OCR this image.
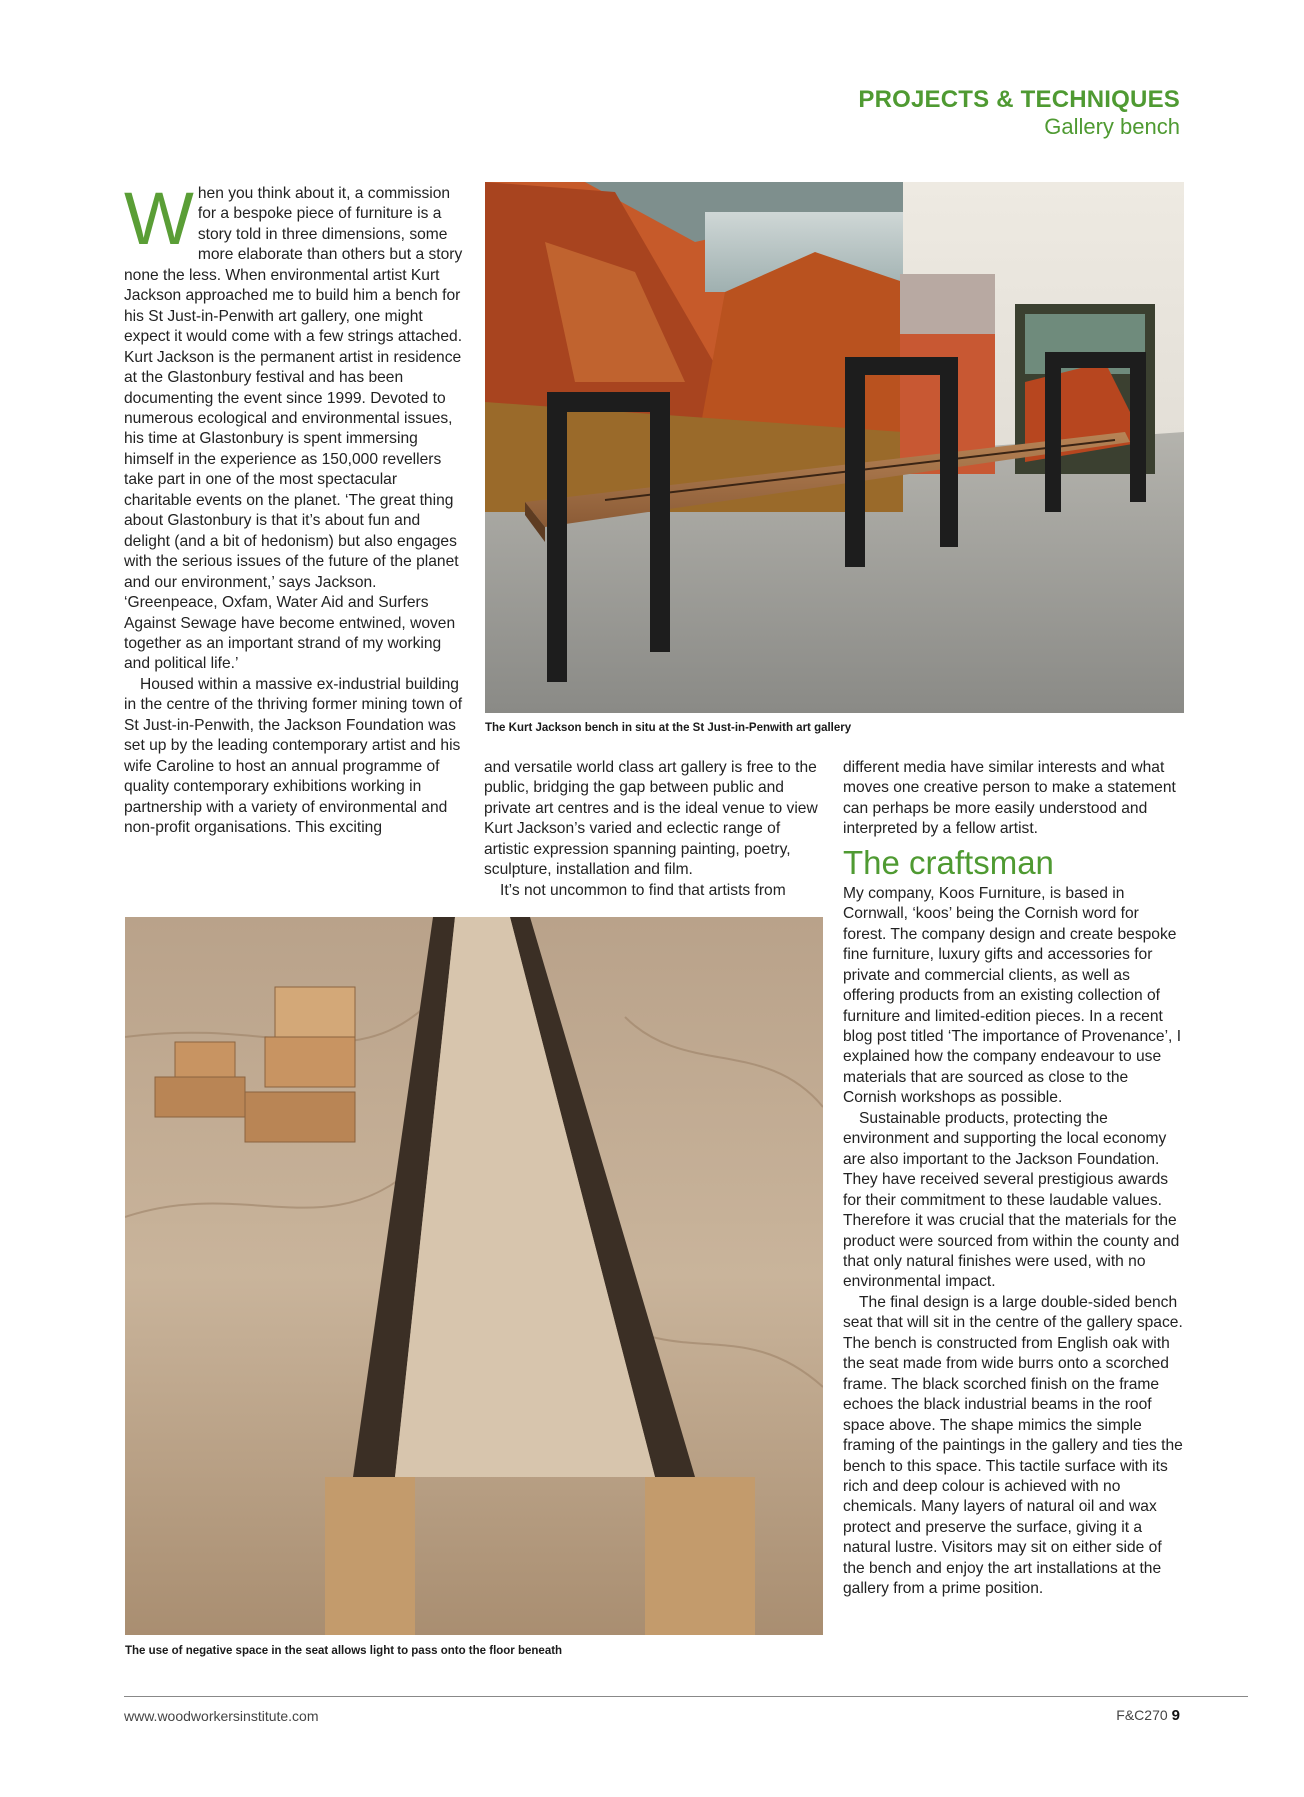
PROJECTS & TECHNIQUES
Gallery bench
W hen you think about it, a commission for a bespoke piece of furniture is a story told in three dimensions, some more elaborate than others but a story none the less. When environmental artist Kurt Jackson approached me to build him a bench for his St Just-in-Penwith art gallery, one might expect it would come with a few strings attached. Kurt Jackson is the permanent artist in residence at the Glastonbury festival and has been documenting the event since 1999. Devoted to numerous ecological and environmental issues, his time at Glastonbury is spent immersing himself in the experience as 150,000 revellers take part in one of the most spectacular charitable events on the planet. ‘The great thing about Glastonbury is that it’s about fun and delight (and a bit of hedonism) but also engages with the serious issues of the future of the planet and our environment,’ says Jackson. ‘Greenpeace, Oxfam, Water Aid and Surfers Against Sewage have become entwined, woven together as an important strand of my working and political life.’

Housed within a massive ex-industrial building in the centre of the thriving former mining town of St Just-in-Penwith, the Jackson Foundation was set up by the leading contemporary artist and his wife Caroline to host an annual programme of quality contemporary exhibitions working in partnership with a variety of environmental and non-profit organisations. This exciting

and versatile world class art gallery is free to the public, bridging the gap between public and private art centres and is the ideal venue to view Kurt Jackson’s varied and eclectic range of artistic expression spanning painting, poetry, sculpture, installation and film.

It’s not uncommon to find that artists from

different media have similar interests and what moves one creative person to make a statement can perhaps be more easily understood and interpreted by a fellow artist.

The craftsman

My company, Koos Furniture, is based in Cornwall, ‘koos’ being the Cornish word for forest. The company design and create bespoke fine furniture, luxury gifts and accessories for private and commercial clients, as well as offering products from an existing collection of furniture and limited-edition pieces. In a recent blog post titled ‘The importance of Provenance’, I explained how the company endeavour to use materials that are sourced as close to the Cornish workshops as possible.

Sustainable products, protecting the environment and supporting the local economy are also important to the Jackson Foundation. They have received several prestigious awards for their commitment to these laudable values. Therefore it was crucial that the materials for the product were sourced from within the county and that only natural finishes were used, with no environmental impact.

The final design is a large double-sided bench seat that will sit in the centre of the gallery space. The bench is constructed from English oak with the seat made from wide burrs onto a scorched frame. The black scorched finish on the frame echoes the black industrial beams in the roof space above. The shape mimics the simple framing of the paintings in the gallery and ties the bench to this space. This tactile surface with its rich and deep colour is achieved with no chemicals. Many layers of natural oil and wax protect and preserve the surface, giving it a natural lustre. Visitors may sit on either side of the bench and enjoy the art installations at the gallery from a prime position.

The Kurt Jackson bench in situ at the St Just-in-Penwith art gallery
The use of negative space in the seat allows light to pass onto the floor beneath
www.woodworkersinstitute.com	F&C270 9
